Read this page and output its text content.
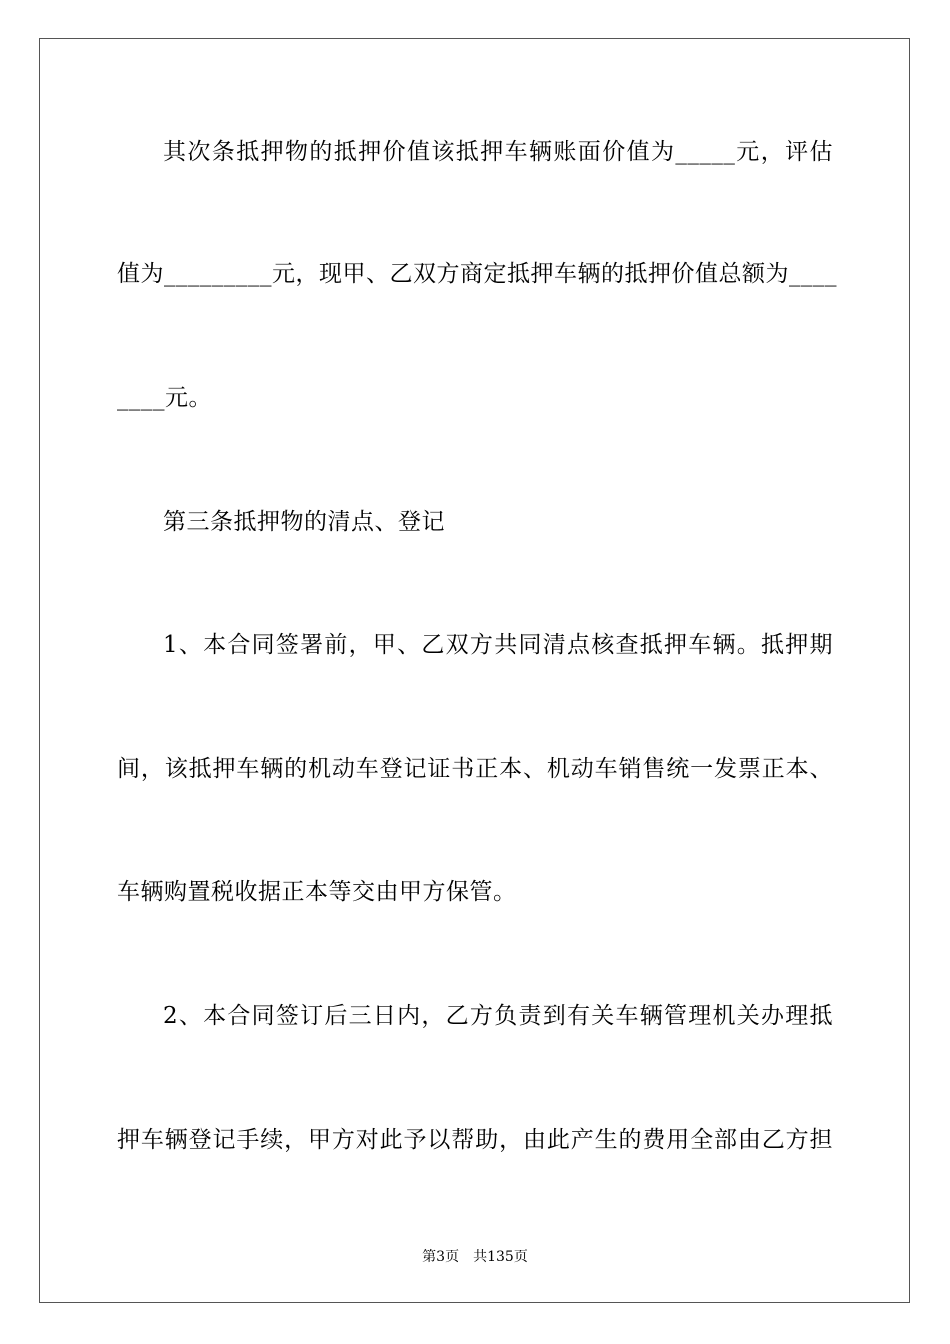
其次条抵押物的抵押价值该抵押车辆账面价值为_____元，评估
值为_________元，现甲、乙双方商定抵押车辆的抵押价值总额为____
____元。
第三条抵押物的清点、登记
1、本合同签署前，甲、乙双方共同清点核查抵押车辆。抵押期
间，该抵押车辆的机动车登记证书正本、机动车销售统一发票正本、
车辆购置税收据正本等交由甲方保管。
2、本合同签订后三日内，乙方负责到有关车辆管理机关办理抵
押车辆登记手续，甲方对此予以帮助，由此产生的费用全部由乙方担
第3页 共135页
